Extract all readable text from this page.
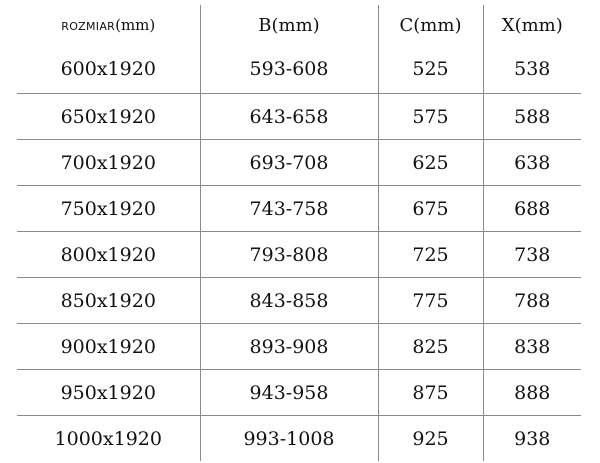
ROZMIAR(mm)	B(mm)	C(mm)	X(mm)
600x1920	593-608	525	538
650x1920	643-658	575	588
700x1920	693-708	625	638
750x1920	743-758	675	688
800x1920	793-808	725	738
850x1920	843-858	775	788
900x1920	893-908	825	838
950x1920	943-958	875	888
1000x1920	993-1008	925	938
